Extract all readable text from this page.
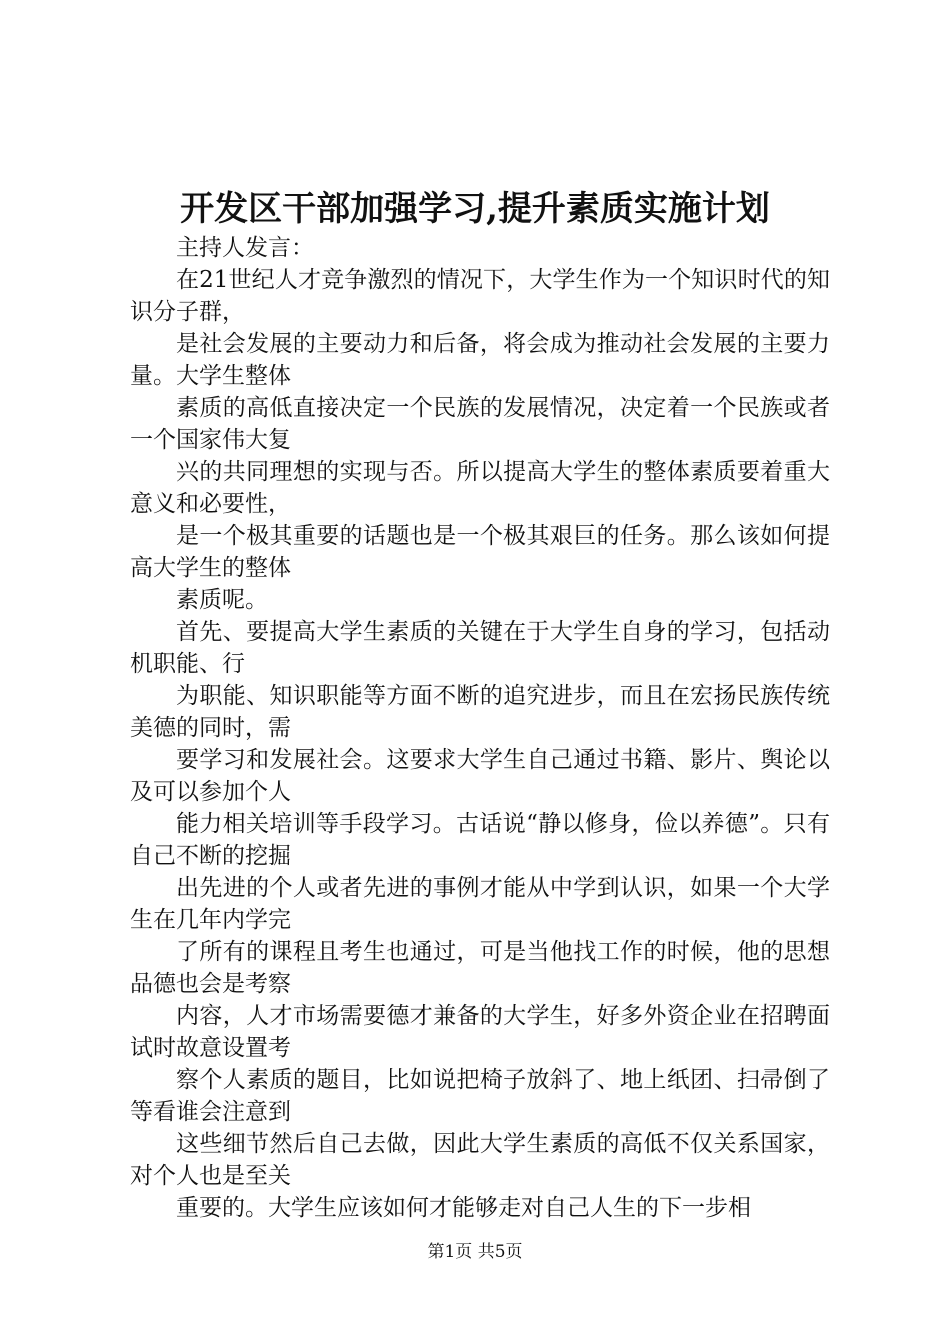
开发区干部加强学习,提升素质实施计划

主持人发言：

在21世纪人才竞争激烈的情况下，大学生作为一个知识时代的知识分子群，

是社会发展的主要动力和后备，将会成为推动社会发展的主要力量。大学生整体

素质的高低直接决定一个民族的发展情况，决定着一个民族或者一个国家伟大复

兴的共同理想的实现与否。所以提高大学生的整体素质要着重大意义和必要性，

是一个极其重要的话题也是一个极其艰巨的任务。那么该如何提高大学生的整体

素质呢。

首先、要提高大学生素质的关键在于大学生自身的学习，包括动机职能、行

为职能、知识职能等方面不断的追究进步，而且在宏扬民族传统美德的同时，需

要学习和发展社会。这要求大学生自己通过书籍、影片、舆论以及可以参加个人

能力相关培训等手段学习。古话说“静以修身，俭以养德”。只有自己不断的挖掘

出先进的个人或者先进的事例才能从中学到认识，如果一个大学生在几年内学完

了所有的课程且考生也通过，可是当他找工作的时候，他的思想品德也会是考察

内容，人才市场需要德才兼备的大学生，好多外资企业在招聘面试时故意设置考

察个人素质的题目，比如说把椅子放斜了、地上纸团、扫帚倒了等看谁会注意到

这些细节然后自己去做，因此大学生素质的高低不仅关系国家，对个人也是至关

重要的。大学生应该如何才能够走对自己人生的下一步相

第1页 共5页
